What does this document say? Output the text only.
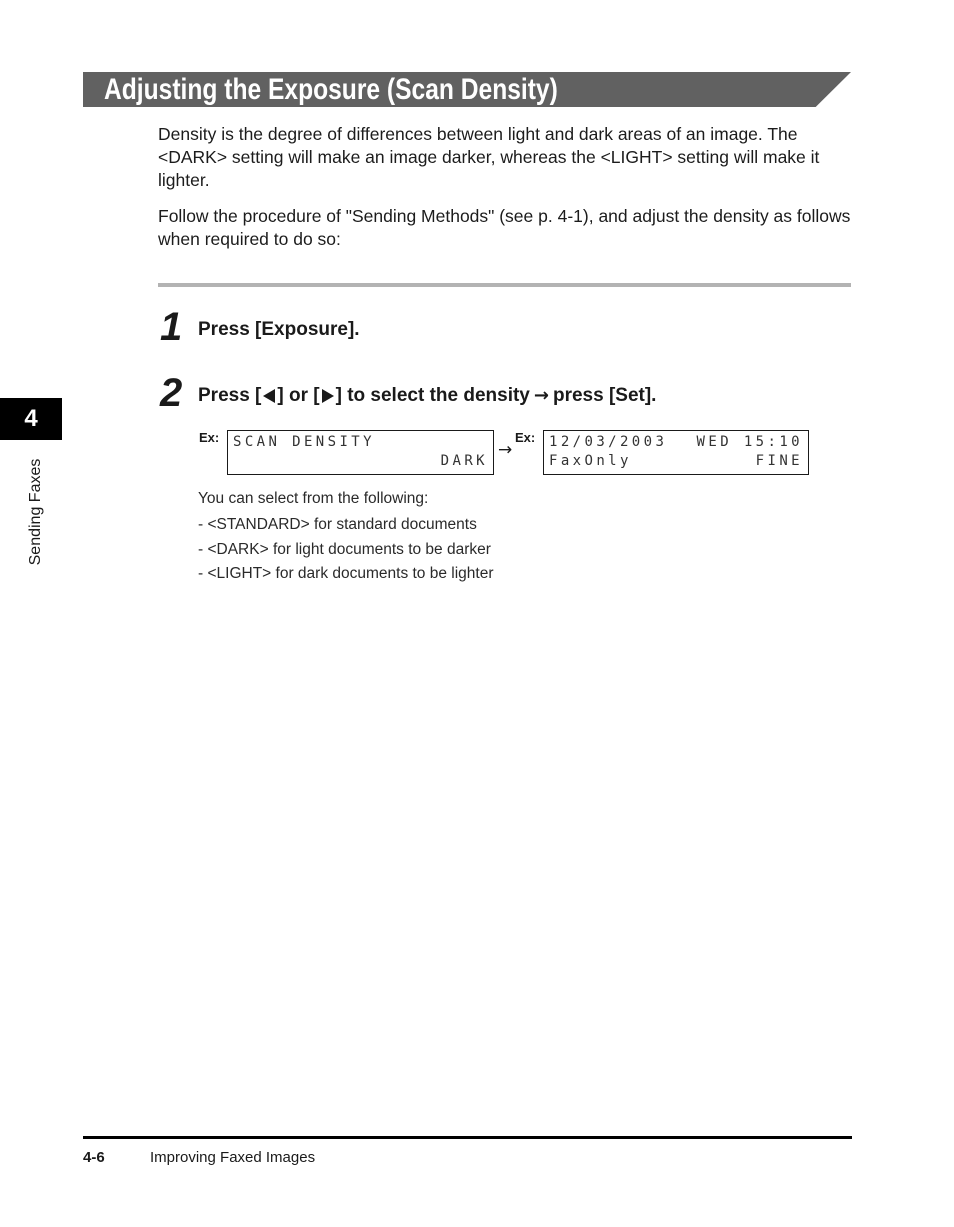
Adjusting the Exposure (Scan Density)
Density is the degree of differences between light and dark areas of an image. The <DARK> setting will make an image darker, whereas the <LIGHT> setting will make it lighter.
Follow the procedure of "Sending Methods" (see p. 4-1), and adjust the density as follows when required to do so:
1 Press [Exposure].
2 Press [ ] or [ ] to select the density → press [Set].
Ex: SCAN DENSITY
DARK
→
Ex: 12/03/2003 WED 15:10
FaxOnly	FINE
You can select from the following:
- <STANDARD> for standard documents
- <DARK> for light documents to be darker
- <LIGHT> for dark documents to be lighter
4
Sending Faxes
4-6	Improving Faxed Images
